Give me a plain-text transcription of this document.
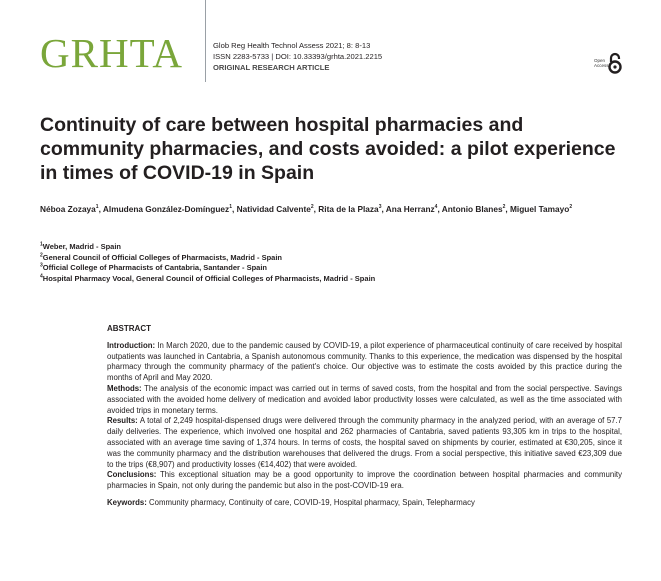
GRHTA	Glob Reg Health Technol Assess 2021; 8: 8-13
ISSN 2283-5733 | DOI: 10.33393/grhta.2021.2215
ORIGINAL RESEARCH ARTICLE
Open
Access
Continuity of care between hospital pharmacies and community pharmacies, and costs avoided: a pilot experience in times of COVID-19 in Spain
Néboa Zozaya$^1$, Almudena González-Domínguez$^1$, Natividad Calvente$^2$, Rita de la Plaza$^3$, Ana Herranz$^4$, Antonio Blanes$^2$, Miguel Tamayo$^2$
$^1$Weber, Madrid - Spain
$^2$General Council of Official Colleges of Pharmacists, Madrid - Spain
$^3$Official College of Pharmacists of Cantabria, Santander - Spain
$^4$Hospital Pharmacy Vocal, General Council of Official Colleges of Pharmacists, Madrid - Spain
ABSTRACT

Introduction: In March 2020, due to the pandemic caused by COVID-19, a pilot experience of pharmaceutical continuity of care received by hospital outpatients was launched in Cantabria, a Spanish autonomous community. Thanks to this experience, the medication was dispensed by the hospital pharmacy through the community pharmacy of the patient's choice. Our objective was to estimate the costs avoided by this practice during the months of April and May 2020.

Methods: The analysis of the economic impact was carried out in terms of saved costs, from the hospital and from the social perspective. Savings associated with the avoided home delivery of medication and avoided labor productivity losses were calculated, as well as the time associated with avoided trips in monetary terms.

Results: A total of 2,249 hospital-dispensed drugs were delivered through the community pharmacy in the analyzed period, with an average of 57.7 daily deliveries. The experience, which involved one hospital and 262 pharmacies of Cantabria, saved patients 93,305 km in trips to the hospital, associated with an average time saving of 1,374 hours. In terms of costs, the hospital saved on shipments by courier, estimated at €30,205, since it was the community pharmacy and the distribution warehouses that delivered the drugs. From a social perspective, this initiative saved €23,309 due to the trips (€8,907) and productivity losses (€14,402) that were avoided.

Conclusions: This exceptional situation may be a good opportunity to improve the coordination between hospital pharmacies and community pharmacies in Spain, not only during the pandemic but also in the post-COVID-19 era.

Keywords: Community pharmacy, Continuity of care, COVID-19, Hospital pharmacy, Spain, Telepharmacy
